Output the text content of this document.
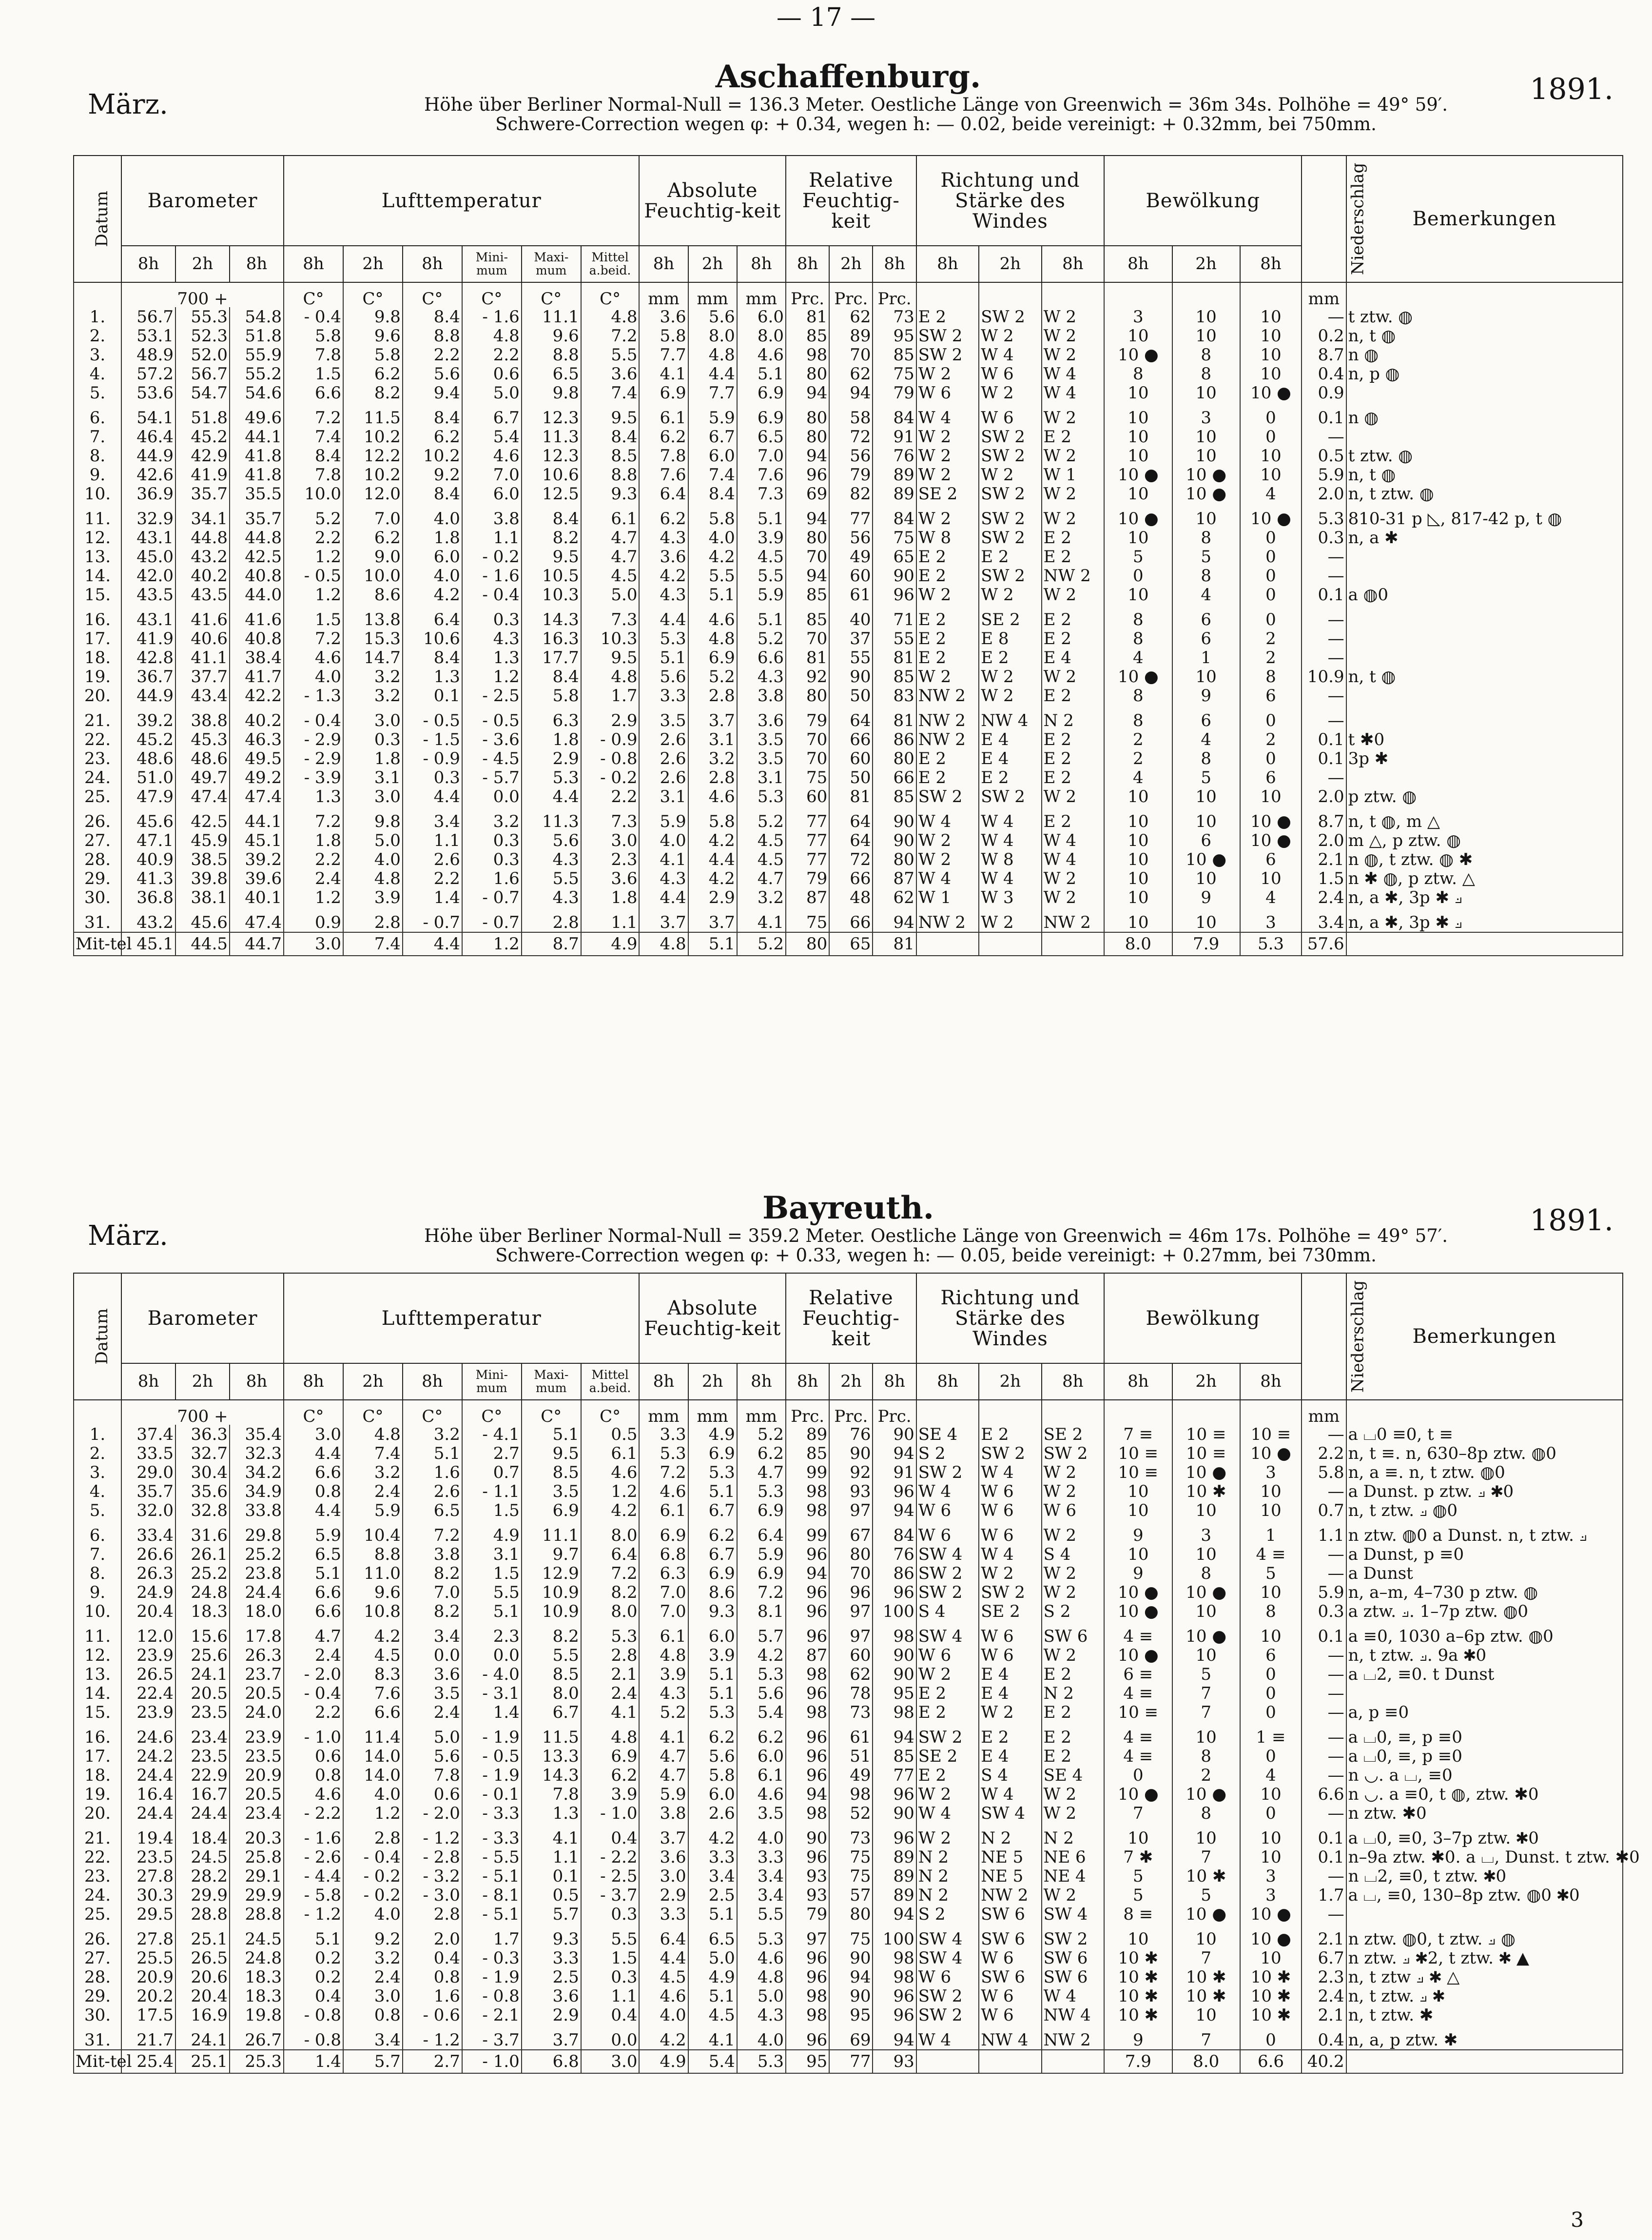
— 17 —
3
Aschaffenburg.
März.	1891.
Höhe über Berliner Normal-Null = 136.3 Meter. Oestliche Länge von Greenwich = 36m 34s. Polhöhe = 49° 59′.
Schwere-Correction wegen φ: + 0.34, wegen h: — 0.02, beide vereinigt: + 0.32mm, bei 750mm.
Datum	Barometer			Lufttemperatur						Absolute Feuchtig-keit			Relative Feuchtig-keit			Richtung und Stärke des Windes			Bewölkung			Niederschlag	Bemerkungen
	8h	2h	8h	8h	2h	8h	Mini-mum	Maxi-mum	Mittel a.beid.	8h	2h	8h	8h	2h	8h	8h	2h	8h	8h	2h	8h		
	700 +			C°	C°	C°	C°	C°	C°	mm	mm	mm	Prc.	Prc.	Prc.							mm	
1.	56.7	55.3	54.8	- 0.4	9.8	8.4	- 1.6	11.1	4.8	3.6	5.6	6.0	81	62	73	E 2	SW 2	W 2	3	10	10	—	t ztw. ◍
2.	53.1	52.3	51.8	5.8	9.6	8.8	4.8	9.6	7.2	5.8	8.0	8.0	85	89	95	SW 2	W 2	W 2	10	10	10	0.2	n, t ◍
3.	48.9	52.0	55.9	7.8	5.8	2.2	2.2	8.8	5.5	7.7	4.8	4.6	98	70	85	SW 2	W 4	W 2	10 ●	8	10	8.7	n ◍
4.	57.2	56.7	55.2	1.5	6.2	5.6	0.6	6.5	3.6	4.1	4.4	5.1	80	62	75	W 2	W 6	W 4	8	8	10	0.4	n, p ◍
5.	53.6	54.7	54.6	6.6	8.2	9.4	5.0	9.8	7.4	6.9	7.7	6.9	94	94	79	W 6	W 2	W 4	10	10	10 ●	0.9	

6.	54.1	51.8	49.6	7.2	11.5	8.4	6.7	12.3	9.5	6.1	5.9	6.9	80	58	84	W 4	W 6	W 2	10	3	0	0.1	n ◍
7.	46.4	45.2	44.1	7.4	10.2	6.2	5.4	11.3	8.4	6.2	6.7	6.5	80	72	91	W 2	SW 2	E 2	10	10	0	—	
8.	44.9	42.9	41.8	8.4	12.2	10.2	4.6	12.3	8.5	7.8	6.0	7.0	94	56	76	W 2	SW 2	W 2	10	10	10	0.5	t ztw. ◍
9.	42.6	41.9	41.8	7.8	10.2	9.2	7.0	10.6	8.8	7.6	7.4	7.6	96	79	89	W 2	W 2	W 1	10 ●	10 ●	10	5.9	n, t ◍
10.	36.9	35.7	35.5	10.0	12.0	8.4	6.0	12.5	9.3	6.4	8.4	7.3	69	82	89	SE 2	SW 2	W 2	10	10 ●	4	2.0	n, t ztw. ◍

11.	32.9	34.1	35.7	5.2	7.0	4.0	3.8	8.4	6.1	6.2	5.8	5.1	94	77	84	W 2	SW 2	W 2	10 ●	10	10 ●	5.3	810-31 p ◺, 817-42 p, t ◍
12.	43.1	44.8	44.8	2.2	6.2	1.8	1.1	8.2	4.7	4.3	4.0	3.9	80	56	75	W 8	SW 2	E 2	10	8	0	0.3	n, a ✱
13.	45.0	43.2	42.5	1.2	9.0	6.0	- 0.2	9.5	4.7	3.6	4.2	4.5	70	49	65	E 2	E 2	E 2	5	5	0	—	
14.	42.0	40.2	40.8	- 0.5	10.0	4.0	- 1.6	10.5	4.5	4.2	5.5	5.5	94	60	90	E 2	SW 2	NW 2	0	8	0	—	
15.	43.5	43.5	44.0	1.2	8.6	4.2	- 0.4	10.3	5.0	4.3	5.1	5.9	85	61	96	W 2	W 2	W 2	10	4	0	0.1	a ◍0

16.	43.1	41.6	41.6	1.5	13.8	6.4	0.3	14.3	7.3	4.4	4.6	5.1	85	40	71	E 2	SE 2	E 2	8	6	0	—	
17.	41.9	40.6	40.8	7.2	15.3	10.6	4.3	16.3	10.3	5.3	4.8	5.2	70	37	55	E 2	E 8	E 2	8	6	2	—	
18.	42.8	41.1	38.4	4.6	14.7	8.4	1.3	17.7	9.5	5.1	6.9	6.6	81	55	81	E 2	E 2	E 4	4	1	2	—	
19.	36.7	37.7	41.7	4.0	3.2	1.3	1.2	8.4	4.8	5.6	5.2	4.3	92	90	85	W 2	W 2	W 2	10 ●	10	8	10.9	n, t ◍
20.	44.9	43.4	42.2	- 1.3	3.2	0.1	- 2.5	5.8	1.7	3.3	2.8	3.8	80	50	83	NW 2	W 2	E 2	8	9	6	—	

21.	39.2	38.8	40.2	- 0.4	3.0	- 0.5	- 0.5	6.3	2.9	3.5	3.7	3.6	79	64	81	NW 2	NW 4	N 2	8	6	0	—	
22.	45.2	45.3	46.3	- 2.9	0.3	- 1.5	- 3.6	1.8	- 0.9	2.6	3.1	3.5	70	66	86	NW 2	E 4	E 2	2	4	2	0.1	t ✱0
23.	48.6	48.6	49.5	- 2.9	1.8	- 0.9	- 4.5	2.9	- 0.8	2.6	3.2	3.5	70	60	80	E 2	E 4	E 2	2	8	0	0.1	3p ✱
24.	51.0	49.7	49.2	- 3.9	3.1	0.3	- 5.7	5.3	- 0.2	2.6	2.8	3.1	75	50	66	E 2	E 2	E 2	4	5	6	—	
25.	47.9	47.4	47.4	1.3	3.0	4.4	0.0	4.4	2.2	3.1	4.6	5.3	60	81	85	SW 2	SW 2	W 2	10	10	10	2.0	p ztw. ◍

26.	45.6	42.5	44.1	7.2	9.8	3.4	3.2	11.3	7.3	5.9	5.8	5.2	77	64	90	W 4	W 4	E 2	10	10	10 ●	8.7	n, t ◍, m △
27.	47.1	45.9	45.1	1.8	5.0	1.1	0.3	5.6	3.0	4.0	4.2	4.5	77	64	90	W 2	W 4	W 4	10	6	10 ●	2.0	m △, p ztw. ◍
28.	40.9	38.5	39.2	2.2	4.0	2.6	0.3	4.3	2.3	4.1	4.4	4.5	77	72	80	W 2	W 8	W 4	10	10 ●	6	2.1	n ◍, t ztw. ◍ ✱
29.	41.3	39.8	39.6	2.4	4.8	2.2	1.6	5.5	3.6	4.3	4.2	4.7	79	66	87	W 4	W 4	W 2	10	10	10	1.5	n ✱ ◍, p ztw. △
30.	36.8	38.1	40.1	1.2	3.9	1.4	- 0.7	4.3	1.8	4.4	2.9	3.2	87	48	62	W 1	W 3	W 2	10	9	4	2.4	n, a ✱, 3p ✱ ⟓

31.	43.2	45.6	47.4	0.9	2.8	- 0.7	- 0.7	2.8	1.1	3.7	3.7	4.1	75	66	94	NW 2	W 2	NW 2	10	10	3	3.4	n, a ✱, 3p ✱ ⟓
Mit-tel	45.1	44.5	44.7	3.0	7.4	4.4	1.2	8.7	4.9	4.8	5.1	5.2	80	65	81				8.0	7.9	5.3	57.6	
Bayreuth.
März.	1891.
Höhe über Berliner Normal-Null = 359.2 Meter. Oestliche Länge von Greenwich = 46m 17s. Polhöhe = 49° 57′.
Schwere-Correction wegen φ: + 0.33, wegen h: — 0.05, beide vereinigt: + 0.27mm, bei 730mm.
Datum	Barometer			Lufttemperatur						Absolute Feuchtig-keit			Relative Feuchtig-keit			Richtung und Stärke des Windes			Bewölkung			Niederschlag	Bemerkungen
	8h	2h	8h	8h	2h	8h	Mini-mum	Maxi-mum	Mittel a.beid.	8h	2h	8h	8h	2h	8h	8h	2h	8h	8h	2h	8h		
	700 +			C°	C°	C°	C°	C°	C°	mm	mm	mm	Prc.	Prc.	Prc.							mm	
1.	37.4	36.3	35.4	3.0	4.8	3.2	- 4.1	5.1	0.5	3.3	4.9	5.2	89	76	90	SE 4	E 2	SE 2	7 ≡	10 ≡	10 ≡	—	a ⌴0 ≡0, t ≡
2.	33.5	32.7	32.3	4.4	7.4	5.1	2.7	9.5	6.1	5.3	6.9	6.2	85	90	94	S 2	SW 2	SW 2	10 ≡	10 ≡	10 ●	2.2	n, t ≡. n, 630–8p ztw. ◍0
3.	29.0	30.4	34.2	6.6	3.2	1.6	0.7	8.5	4.6	7.2	5.3	4.7	99	92	91	SW 2	W 4	W 2	10 ≡	10 ●	3	5.8	n, a ≡. n, t ztw. ◍0
4.	35.7	35.6	34.9	0.8	2.4	2.6	- 1.1	3.5	1.2	4.6	5.1	5.3	98	93	96	W 4	W 6	W 2	10	10 ✱	10	—	a Dunst. p ztw. ⟓ ✱0
5.	32.0	32.8	33.8	4.4	5.9	6.5	1.5	6.9	4.2	6.1	6.7	6.9	98	97	94	W 6	W 6	W 6	10	10	10	0.7	n, t ztw. ⟓ ◍0

6.	33.4	31.6	29.8	5.9	10.4	7.2	4.9	11.1	8.0	6.9	6.2	6.4	99	67	84	W 6	W 6	W 2	9	3	1	1.1	n ztw. ◍0 a Dunst. n, t ztw. ⟓
7.	26.6	26.1	25.2	6.5	8.8	3.8	3.1	9.7	6.4	6.8	6.7	5.9	96	80	76	SW 4	W 4	S 4	10	10	4 ≡	—	a Dunst, p ≡0
8.	26.3	25.2	23.8	5.1	11.0	8.2	1.5	12.9	7.2	6.3	6.9	6.9	94	70	86	SW 2	W 2	W 2	9	8	5	—	a Dunst
9.	24.9	24.8	24.4	6.6	9.6	7.0	5.5	10.9	8.2	7.0	8.6	7.2	96	96	96	SW 2	SW 2	W 2	10 ●	10 ●	10	5.9	n, a–m, 4–730 p ztw. ◍
10.	20.4	18.3	18.0	6.6	10.8	8.2	5.1	10.9	8.0	7.0	9.3	8.1	96	97	100	S 4	SE 2	S 2	10 ●	10	8	0.3	a ztw. ⟓. 1–7p ztw. ◍0

11.	12.0	15.6	17.8	4.7	4.2	3.4	2.3	8.2	5.3	6.1	6.0	5.7	96	97	98	SW 4	W 6	SW 6	4 ≡	10 ●	10	0.1	a ≡0, 1030 a–6p ztw. ◍0
12.	23.9	25.6	26.3	2.4	4.5	0.0	0.0	5.5	2.8	4.8	3.9	4.2	87	60	90	W 6	W 6	W 2	10 ●	10	6	—	n, t ztw. ⟓. 9a ✱0
13.	26.5	24.1	23.7	- 2.0	8.3	3.6	- 4.0	8.5	2.1	3.9	5.1	5.3	98	62	90	W 2	E 4	E 2	6 ≡	5	0	—	a ⌴2, ≡0. t Dunst
14.	22.4	20.5	20.5	- 0.4	7.6	3.5	- 3.1	8.0	2.4	4.3	5.1	5.6	96	78	95	E 2	E 4	N 2	4 ≡	7	0	—	
15.	23.9	23.5	24.0	2.2	6.6	2.4	1.4	6.7	4.1	5.2	5.3	5.4	98	73	98	E 2	W 2	E 2	10 ≡	7	0	—	a, p ≡0

16.	24.6	23.4	23.9	- 1.0	11.4	5.0	- 1.9	11.5	4.8	4.1	6.2	6.2	96	61	94	SW 2	E 2	E 2	4 ≡	10	1 ≡	—	a ⌴0, ≡, p ≡0
17.	24.2	23.5	23.5	0.6	14.0	5.6	- 0.5	13.3	6.9	4.7	5.6	6.0	96	51	85	SE 2	E 4	E 2	4 ≡	8	0	—	a ⌴0, ≡, p ≡0
18.	24.4	22.9	20.9	0.8	14.0	7.8	- 1.9	14.3	6.2	4.7	5.8	6.1	96	49	77	E 2	S 4	SE 4	0	2	4	—	n ◡. a ⌴, ≡0
19.	16.4	16.7	20.5	4.6	4.0	0.6	- 0.1	7.8	3.9	5.9	6.0	4.6	94	98	96	W 2	W 4	W 2	10 ●	10 ●	10	6.6	n ◡. a ≡0, t ◍, ztw. ✱0
20.	24.4	24.4	23.4	- 2.2	1.2	- 2.0	- 3.3	1.3	- 1.0	3.8	2.6	3.5	98	52	90	W 4	SW 4	W 2	7	8	0	—	n ztw. ✱0

21.	19.4	18.4	20.3	- 1.6	2.8	- 1.2	- 3.3	4.1	0.4	3.7	4.2	4.0	90	73	96	W 2	N 2	N 2	10	10	10	0.1	a ⌴0, ≡0, 3–7p ztw. ✱0
22.	23.5	24.5	25.8	- 2.6	- 0.4	- 2.8	- 5.5	1.1	- 2.2	3.6	3.3	3.3	96	75	89	N 2	NE 5	NE 6	7 ✱	7	10	0.1	n–9a ztw. ✱0. a ⌴, Dunst. t ztw. ✱0
23.	27.8	28.2	29.1	- 4.4	- 0.2	- 3.2	- 5.1	0.1	- 2.5	3.0	3.4	3.4	93	75	89	N 2	NE 5	NE 4	5	10 ✱	3	—	n ⌴2, ≡0, t ztw. ✱0
24.	30.3	29.9	29.9	- 5.8	- 0.2	- 3.0	- 8.1	0.5	- 3.7	2.9	2.5	3.4	93	57	89	N 2	NW 2	W 2	5	5	3	1.7	a ⌴, ≡0, 130–8p ztw. ◍0 ✱0
25.	29.5	28.8	28.8	- 1.2	4.0	2.8	- 5.1	5.7	0.3	3.3	5.1	5.5	79	80	94	S 2	SW 6	SW 4	8 ≡	10 ●	10 ●	—	

26.	27.8	25.1	24.5	5.1	9.2	2.0	1.7	9.3	5.5	6.4	6.5	5.3	97	75	100	SW 4	SW 6	SW 2	10	10	10 ●	2.1	n ztw. ◍0, t ztw. ⟓ ◍
27.	25.5	26.5	24.8	0.2	3.2	0.4	- 0.3	3.3	1.5	4.4	5.0	4.6	96	90	98	SW 4	W 6	SW 6	10 ✱	7	10	6.7	n ztw. ⟓ ✱2, t ztw. ✱ ▲
28.	20.9	20.6	18.3	0.2	2.4	0.8	- 1.9	2.5	0.3	4.5	4.9	4.8	96	94	98	W 6	SW 6	SW 6	10 ✱	10 ✱	10 ✱	2.3	n, t ztw ⟓ ✱ △
29.	20.2	20.4	18.3	0.4	3.0	1.6	- 0.8	3.6	1.1	4.6	5.1	5.0	98	90	96	SW 2	W 6	W 4	10 ✱	10 ✱	10 ✱	2.4	n, t ztw. ⟓ ✱
30.	17.5	16.9	19.8	- 0.8	0.8	- 0.6	- 2.1	2.9	0.4	4.0	4.5	4.3	98	95	96	SW 2	W 6	NW 4	10 ✱	10	10 ✱	2.1	n, t ztw. ✱

31.	21.7	24.1	26.7	- 0.8	3.4	- 1.2	- 3.7	3.7	0.0	4.2	4.1	4.0	96	69	94	W 4	NW 4	NW 2	9	7	0	0.4	n, a, p ztw. ✱
Mit-tel	25.4	25.1	25.3	1.4	5.7	2.7	- 1.0	6.8	3.0	4.9	5.4	5.3	95	77	93				7.9	8.0	6.6	40.2	
